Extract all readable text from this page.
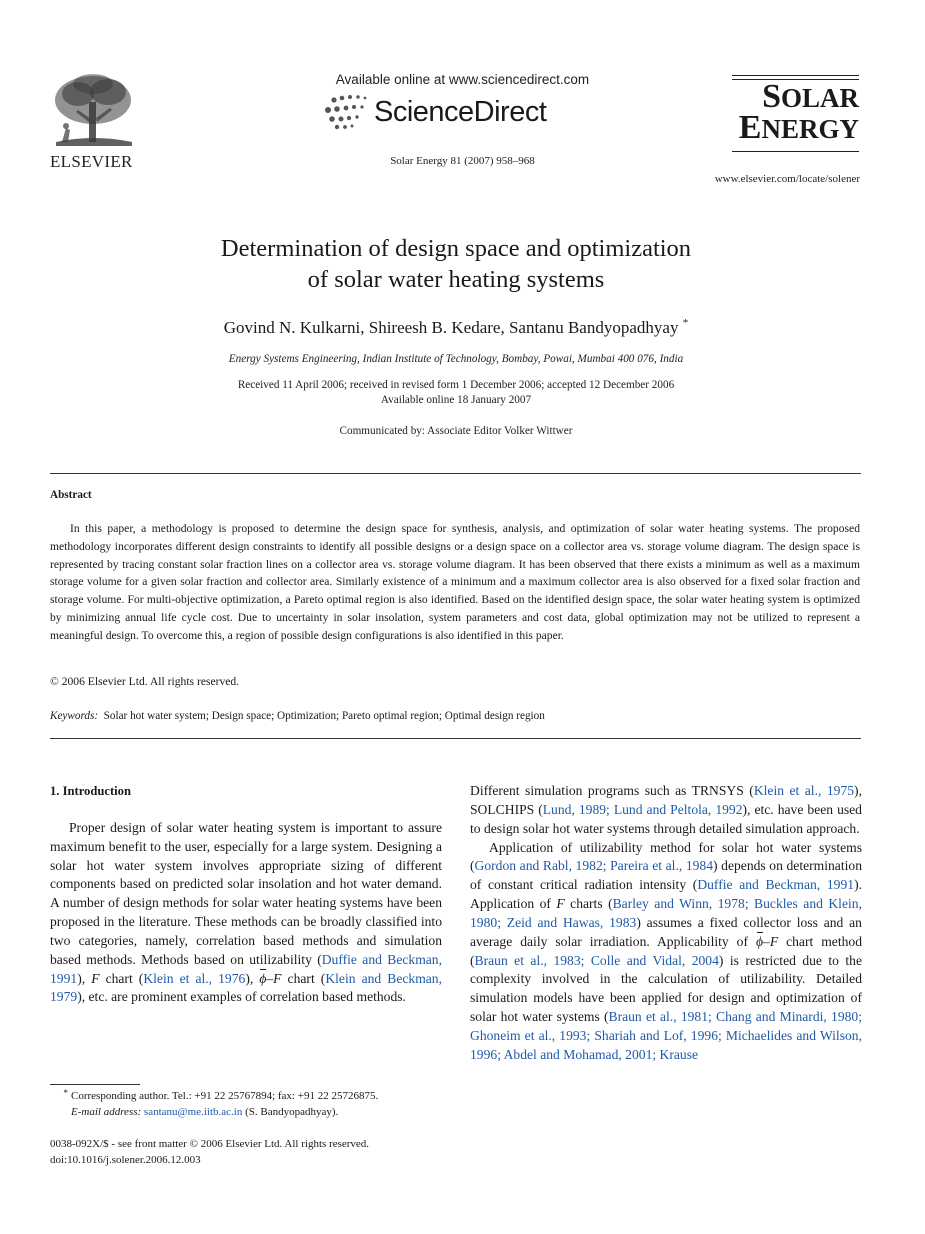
ELSEVIER
Available online at www.sciencedirect.com
ScienceDirect
Solar Energy 81 (2007) 958–968
SOLAR
ENERGY
www.elsevier.com/locate/solener
Determination of design space and optimization
of solar water heating systems
Govind N. Kulkarni, Shireesh B. Kedare, Santanu Bandyopadhyay *
Energy Systems Engineering, Indian Institute of Technology, Bombay, Powai, Mumbai 400 076, India
Received 11 April 2006; received in revised form 1 December 2006; accepted 12 December 2006
Available online 18 January 2007
Communicated by: Associate Editor Volker Wittwer
Abstract

In this paper, a methodology is proposed to determine the design space for synthesis, analysis, and optimization of solar water heating systems. The proposed methodology incorporates different design constraints to identify all possible designs or a design space on a collector area vs. storage volume diagram. The design space is represented by tracing constant solar fraction lines on a collector area vs. storage volume diagram. It has been observed that there exists a minimum as well as a maximum storage volume for a given solar fraction and collector area. Similarly existence of a minimum and a maximum collector area is also observed for a fixed solar fraction and storage volume. For multi-objective optimization, a Pareto optimal region is also identified. Based on the identified design space, the solar water heating system is optimized by minimizing annual life cycle cost. Due to uncertainty in solar insolation, system parameters and cost data, global optimization may not be utilized to represent a meaningful design. To overcome this, a region of possible design configurations is also identified in this paper.

© 2006 Elsevier Ltd. All rights reserved.
Keywords: Solar hot water system; Design space; Optimization; Pareto optimal region; Optimal design region

1. Introduction

Proper design of solar water heating system is important to assure maximum benefit to the user, especially for a large system. Designing a solar hot water system involves appropriate sizing of different components based on predicted solar insolation and hot water demand. A number of design methods for solar water heating systems have been proposed in the literature. These methods can be broadly classified into two categories, namely, correlation based methods and simulation based methods. Methods based on utilizability (Duffie and Beckman, 1991), F chart (Klein et al., 1976), ϕ–F chart (Klein and Beckman, 1979), etc. are prominent examples of correlation based methods.

Different simulation programs such as TRNSYS (Klein et al., 1975), SOLCHIPS (Lund, 1989; Lund and Peltola, 1992), etc. have been used to design solar hot water systems through detailed simulation approach.

Application of utilizability method for solar hot water systems (Gordon and Rabl, 1982; Pareira et al., 1984) depends on determination of constant critical radiation intensity (Duffie and Beckman, 1991). Application of F charts (Barley and Winn, 1978; Buckles and Klein, 1980; Zeid and Hawas, 1983) assumes a fixed collector loss and an average daily solar irradiation. Applicability of ϕ–F chart method (Braun et al., 1983; Colle and Vidal, 2004) is restricted due to the complexity involved in the calculation of utilizability. Detailed simulation models have been applied for design and optimization of solar hot water systems (Braun et al., 1981; Chang and Minardi, 1980; Ghoneim et al., 1993; Shariah and Lof, 1996; Michaelides and Wilson, 1996; Abdel and Mohamad, 2001; Krause

* Corresponding author. Tel.: +91 22 25767894; fax: +91 22 25726875.
E-mail address: santanu@me.iitb.ac.in (S. Bandyopadhyay).
0038-092X/$ - see front matter © 2006 Elsevier Ltd. All rights reserved.
doi:10.1016/j.solener.2006.12.003
